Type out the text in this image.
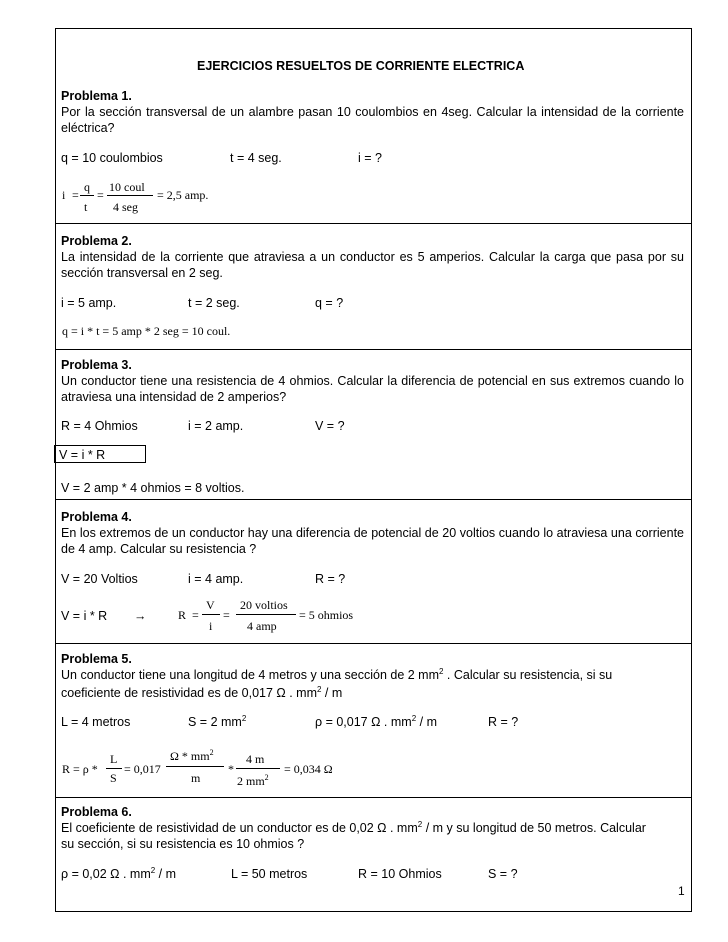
EJERCICIOS RESUELTOS DE CORRIENTE ELECTRICA
Problema 1.
Por la sección transversal de un alambre pasan 10 coulombios en 4seg. Calcular la intensidad de la corriente eléctrica?
q = 10 coulombios	t = 4 seg.	i = ?
i =
q
t
=
10 coul
4 seg
= 2,5 amp.
Problema 2.
La intensidad de la corriente que atraviesa a un conductor es 5 amperios. Calcular la carga que pasa por su sección transversal en 2 seg.
i = 5 amp.	t = 2 seg.	q = ?
q = i * t = 5 amp * 2 seg = 10 coul.
Problema 3.
Un conductor tiene una resistencia de 4 ohmios. Calcular la diferencia de potencial en sus extremos cuando lo atraviesa una intensidad de 2 amperios?
R = 4 Ohmios	i = 2 amp.	V = ?
V = i * R
V = 2 amp * 4 ohmios = 8 voltios.
Problema 4.
En los extremos de un conductor hay una diferencia de potencial de 20 voltios cuando lo atraviesa una corriente de 4 amp. Calcular su resistencia ?
V = 20 Voltios	i = 4 amp.	R = ?
V = i * R →	R =
V
i
=
20 voltios
4 amp
= 5 ohmios
Problema 5.
Un conductor tiene una longitud de 4 metros y una sección de 2 $mm^2$ . Calcular su resistencia, si su
coeficiente de resistividad es de 0,017 Ω . $mm^2$ / m
L = 4 metros	S = 2 $mm^2$	ρ = 0,017 Ω . $mm^2$ / m	R = ?
R = ρ *
L
S
= 0,017
Ω * $mm^2$
m
*
4 m
2 $mm^2$
= 0,034 Ω
Problema 6.
El coeficiente de resistividad de un conductor es de 0,02 Ω . $mm^2$ / m y su longitud de 50 metros. Calcular
su sección, si su resistencia es 10 ohmios ?
ρ = 0,02 Ω . $mm^2$ / m	L = 50 metros	R = 10 Ohmios	S = ?
1
